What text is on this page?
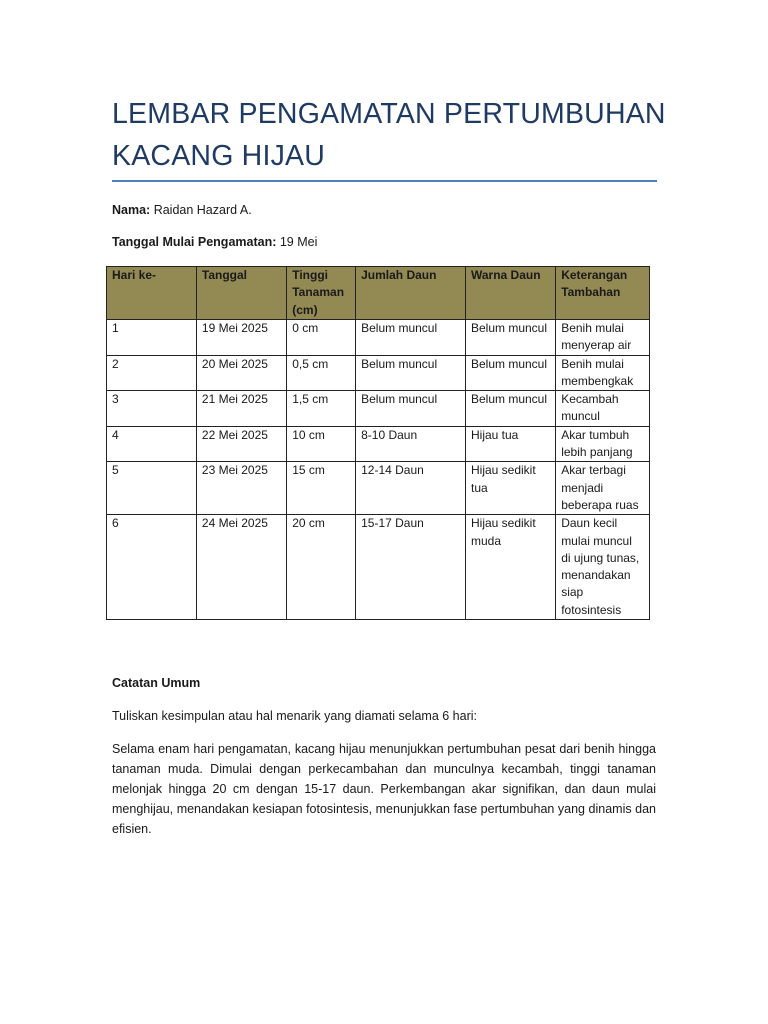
LEMBAR PENGAMATAN PERTUMBUHAN KACANG HIJAU
Nama: Raidan Hazard A.
Tanggal Mulai Pengamatan: 19 Mei
Hari ke-	Tanggal	Tinggi Tanaman (cm)	Jumlah Daun	Warna Daun	Keterangan Tambahan
1	19 Mei 2025	0 cm	Belum muncul	Belum muncul	Benih mulai menyerap air
2	20 Mei 2025	0,5 cm	Belum muncul	Belum muncul	Benih mulai membengkak
3	21 Mei 2025	1,5 cm	Belum muncul	Belum muncul	Kecambah muncul
4	22 Mei 2025	10 cm	8-10 Daun	Hijau tua	Akar tumbuh lebih panjang
5	23 Mei 2025	15 cm	12-14 Daun	Hijau sedikit tua	Akar terbagi menjadi beberapa ruas
6	24 Mei 2025	20 cm	15-17 Daun	Hijau sedikit muda	Daun kecil mulai muncul di ujung tunas, menandakan siap fotosintesis
Catatan Umum
Tuliskan kesimpulan atau hal menarik yang diamati selama 6 hari:

Selama enam hari pengamatan, kacang hijau menunjukkan pertumbuhan pesat dari benih hingga tanaman muda. Dimulai dengan perkecambahan dan munculnya kecambah, tinggi tanaman melonjak hingga 20 cm dengan 15-17 daun. Perkembangan akar signifikan, dan daun mulai menghijau, menandakan kesiapan fotosintesis, menunjukkan fase pertumbuhan yang dinamis dan efisien.
